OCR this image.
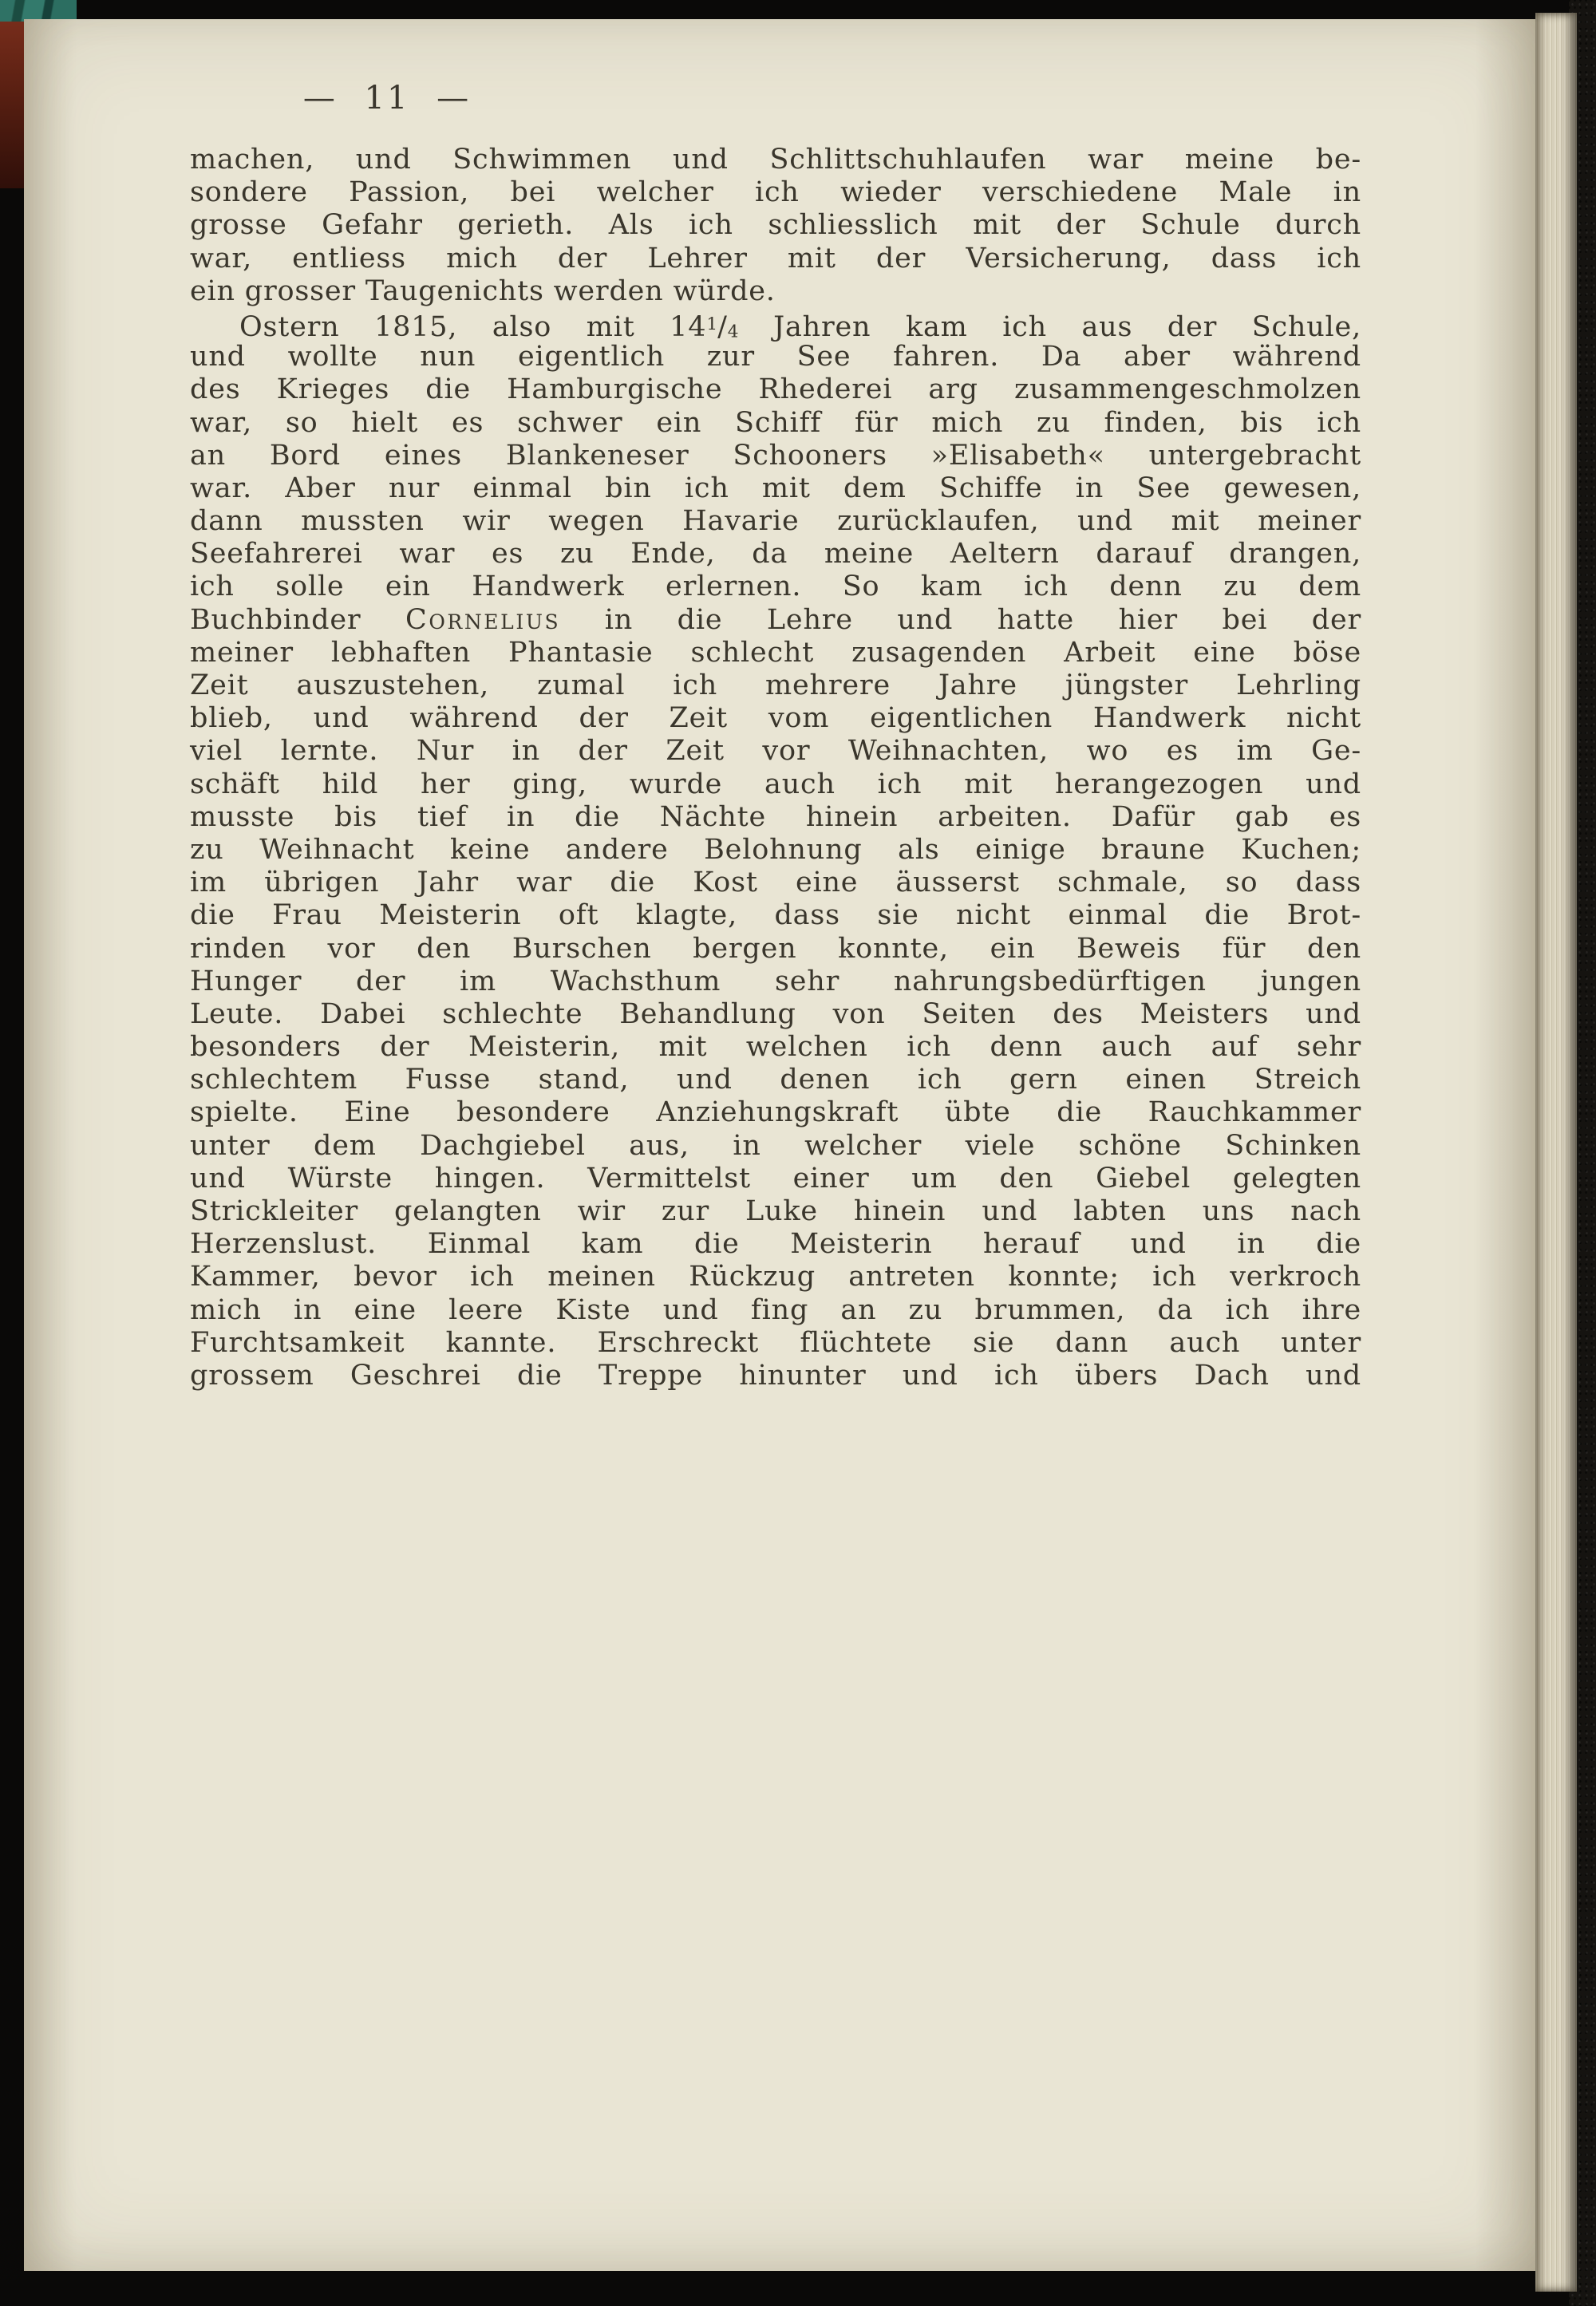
— 11 —
machen, und Schwimmen und Schlittschuhlaufen war meine be-
sondere Passion, bei welcher ich wieder verschiedene Male in
grosse Gefahr gerieth. Als ich schliesslich mit der Schule durch
war, entliess mich der Lehrer mit der Versicherung, dass ich
ein grosser Taugenichts werden würde.
Ostern 1815, also mit $14^1/4$ Jahren kam ich aus der Schule,
und wollte nun eigentlich zur See fahren. Da aber während
des Krieges die Hamburgische Rhederei arg zusammengeschmolzen
war, so hielt es schwer ein Schiff für mich zu finden, bis ich
an Bord eines Blankeneser Schooners »Elisabeth« untergebracht
war. Aber nur einmal bin ich mit dem Schiffe in See gewesen,
dann mussten wir wegen Havarie zurücklaufen, und mit meiner
Seefahrerei war es zu Ende, da meine Aeltern darauf drangen,
ich solle ein Handwerk erlernen. So kam ich denn zu dem
Buchbinder Cornelius in die Lehre und hatte hier bei der
meiner lebhaften Phantasie schlecht zusagenden Arbeit eine böse
Zeit auszustehen, zumal ich mehrere Jahre jüngster Lehrling
blieb, und während der Zeit vom eigentlichen Handwerk nicht
viel lernte. Nur in der Zeit vor Weihnachten, wo es im Ge-
schäft hild her ging, wurde auch ich mit herangezogen und
musste bis tief in die Nächte hinein arbeiten. Dafür gab es
zu Weihnacht keine andere Belohnung als einige braune Kuchen;
im übrigen Jahr war die Kost eine äusserst schmale, so dass
die Frau Meisterin oft klagte, dass sie nicht einmal die Brot-
rinden vor den Burschen bergen konnte, ein Beweis für den
Hunger der im Wachsthum sehr nahrungsbedürftigen jungen
Leute. Dabei schlechte Behandlung von Seiten des Meisters und
besonders der Meisterin, mit welchen ich denn auch auf sehr
schlechtem Fusse stand, und denen ich gern einen Streich
spielte. Eine besondere Anziehungskraft übte die Rauchkammer
unter dem Dachgiebel aus, in welcher viele schöne Schinken
und Würste hingen. Vermittelst einer um den Giebel gelegten
Strickleiter gelangten wir zur Luke hinein und labten uns nach
Herzenslust. Einmal kam die Meisterin herauf und in die
Kammer, bevor ich meinen Rückzug antreten konnte; ich verkroch
mich in eine leere Kiste und fing an zu brummen, da ich ihre
Furchtsamkeit kannte. Erschreckt flüchtete sie dann auch unter
grossem Geschrei die Treppe hinunter und ich übers Dach und
